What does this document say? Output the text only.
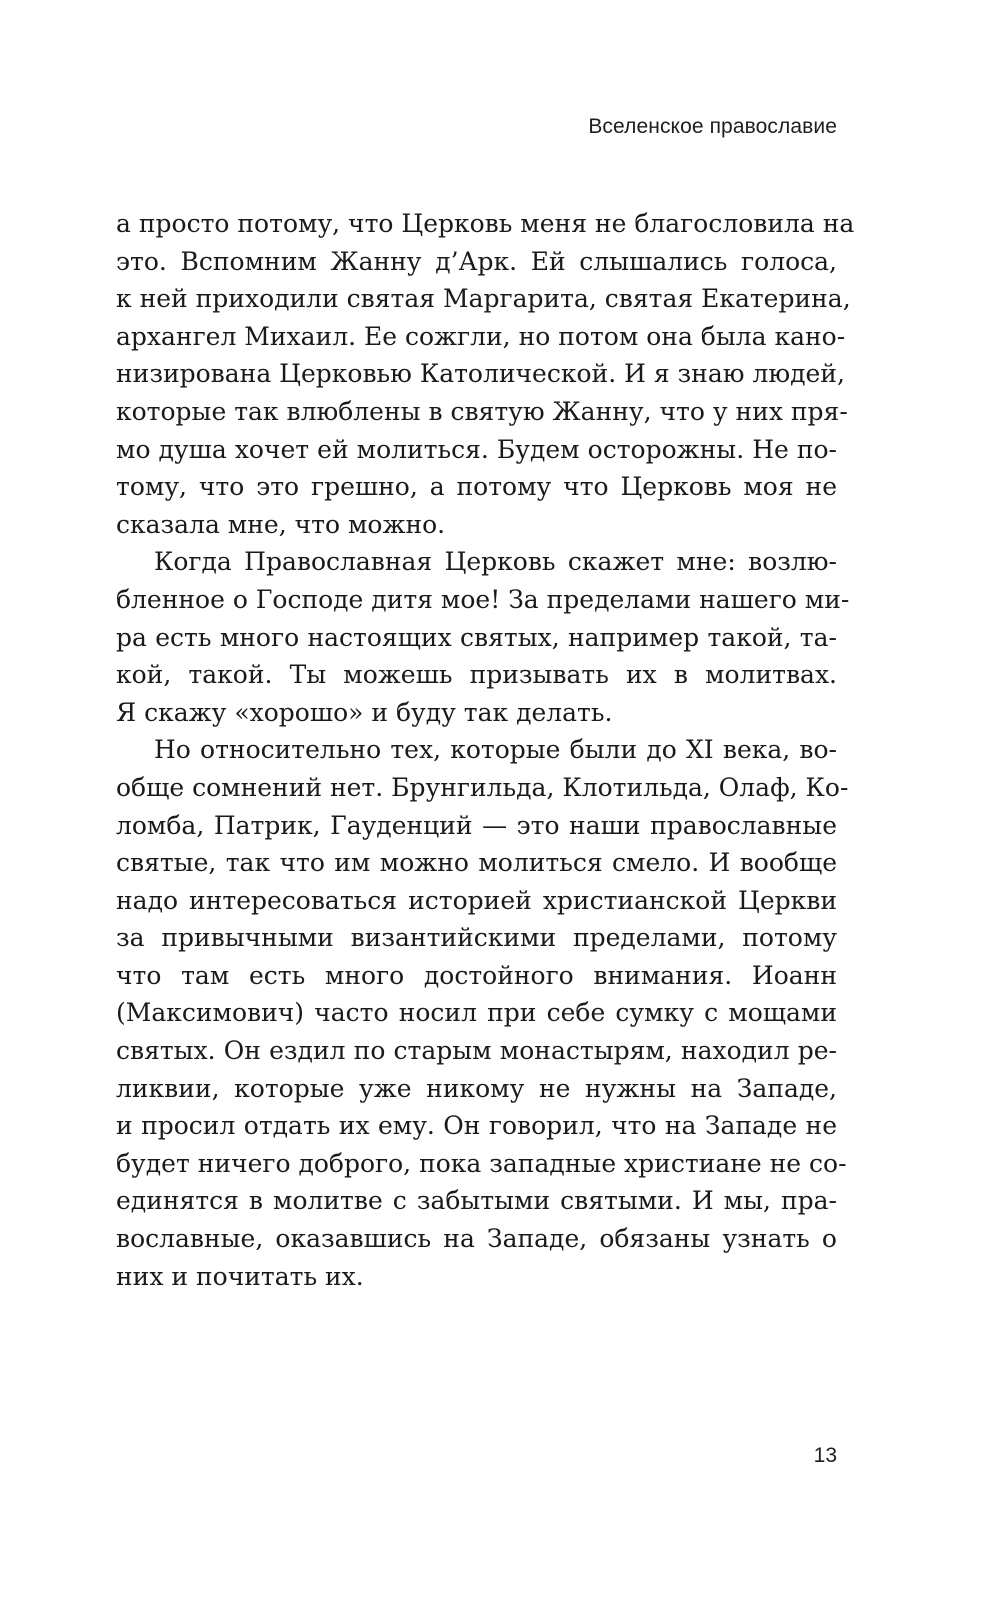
Вселенское православие
а просто потому, что Церковь меня не благословила на
это. Вспомним Жанну д’Арк. Ей слышались голоса,
к ней приходили святая Маргарита, святая Екатерина,
архангел Михаил. Ее сожгли, но потом она была кано-
низирована Церковью Католической. И я знаю людей,
которые так влюблены в святую Жанну, что у них пря-
мо душа хочет ей молиться. Будем осторожны. Не по-
тому, что это грешно, а потому что Церковь моя не
сказала мне, что можно.
Когда Православная Церковь скажет мне: возлю-
бленное о Господе дитя мое! За пределами нашего ми-
ра есть много настоящих святых, например такой, та-
кой, такой. Ты можешь призывать их в молитвах.
Я скажу «хорошо» и буду так делать.
Но относительно тех, которые были до XI века, во-
обще сомнений нет. Брунгильда, Клотильда, Олаф, Ко-
ломба, Патрик, Гауденций — это наши православные
святые, так что им можно молиться смело. И вообще
надо интересоваться историей христианской Церкви
за привычными византийскими пределами, потому
что там есть много достойного внимания. Иоанн
(Максимович) часто носил при себе сумку с мощами
святых. Он ездил по старым монастырям, находил ре-
ликвии, которые уже никому не нужны на Западе,
и просил отдать их ему. Он говорил, что на Западе не
будет ничего доброго, пока западные христиане не со-
единятся в молитве с забытыми святыми. И мы, пра-
вославные, оказавшись на Западе, обязаны узнать о
них и почитать их.
13
